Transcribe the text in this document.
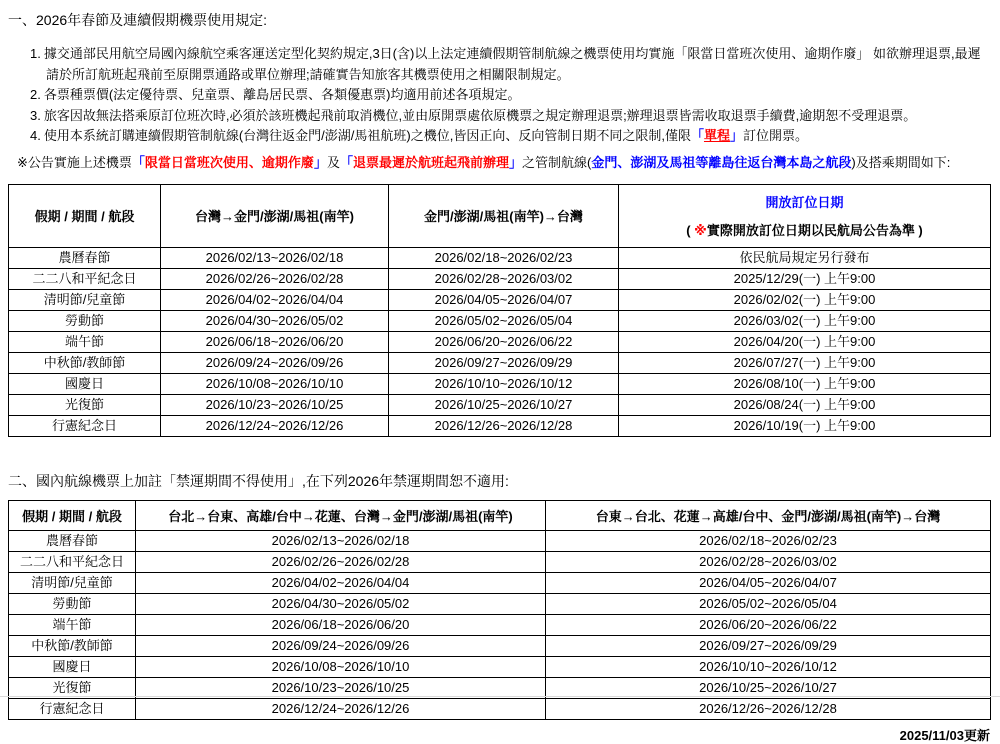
一、2026年春節及連續假期機票使用規定:
1. 據交通部民用航空局國內線航空乘客運送定型化契約規定,3日(含)以上法定連續假期管制航線之機票使用均實施「限當日當班次使用、逾期作廢」 如欲辦理退票,最遲請於所訂航班起飛前至原開票通路或單位辦理;請確實告知旅客其機票使用之相關限制規定。
2. 各票種票價(法定優待票、兒童票、離島居民票、各類優惠票)均適用前述各項規定。
3. 旅客因故無法搭乘原訂位班次時,必須於該班機起飛前取消機位,並由原開票處依原機票之規定辦理退票;辦理退票皆需收取退票手續費,逾期恕不受理退票。
4. 使用本系統訂購連續假期管制航線(台灣往返金門/澎湖/馬祖航班)之機位,皆因正向、反向管制日期不同之限制,僅限「單程」訂位開票。
※公告實施上述機票「限當日當班次使用、逾期作廢」及「退票最遲於航班起飛前辦理」之管制航線(金門、澎湖及馬祖等離島往返台灣本島之航段)及搭乘期間如下:
假期 / 期間 / 航段	台灣→金門/澎湖/馬祖(南竿)	金門/澎湖/馬祖(南竿)→台灣	開放訂位日期
( ※實際開放訂位日期以民航局公告為準 )

農曆春節	2026/02/13~2026/02/18	2026/02/18~2026/02/23	依民航局規定另行發布
二二八和平紀念日	2026/02/26~2026/02/28	2026/02/28~2026/03/02	2025/12/29(一) 上午9:00
清明節/兒童節	2026/04/02~2026/04/04	2026/04/05~2026/04/07	2026/02/02(一) 上午9:00
勞動節	2026/04/30~2026/05/02	2026/05/02~2026/05/04	2026/03/02(一) 上午9:00
端午節	2026/06/18~2026/06/20	2026/06/20~2026/06/22	2026/04/20(一) 上午9:00
中秋節/教師節	2026/09/24~2026/09/26	2026/09/27~2026/09/29	2026/07/27(一) 上午9:00
國慶日	2026/10/08~2026/10/10	2026/10/10~2026/10/12	2026/08/10(一) 上午9:00
光復節	2026/10/23~2026/10/25	2026/10/25~2026/10/27	2026/08/24(一) 上午9:00
行憲紀念日	2026/12/24~2026/12/26	2026/12/26~2026/12/28	2026/10/19(一) 上午9:00
二、國內航線機票上加註「禁運期間不得使用」,在下列2026年禁運期間恕不適用:
假期 / 期間 / 航段	台北→台東、高雄/台中→花蓮、台灣→金門/澎湖/馬祖(南竿)	台東→台北、花蓮→高雄/台中、金門/澎湖/馬祖(南竿)→台灣
農曆春節	2026/02/13~2026/02/18	2026/02/18~2026/02/23
二二八和平紀念日	2026/02/26~2026/02/28	2026/02/28~2026/03/02
清明節/兒童節	2026/04/02~2026/04/04	2026/04/05~2026/04/07
勞動節	2026/04/30~2026/05/02	2026/05/02~2026/05/04
端午節	2026/06/18~2026/06/20	2026/06/20~2026/06/22
中秋節/教師節	2026/09/24~2026/09/26	2026/09/27~2026/09/29
國慶日	2026/10/08~2026/10/10	2026/10/10~2026/10/12
光復節	2026/10/23~2026/10/25	2026/10/25~2026/10/27
行憲紀念日	2026/12/24~2026/12/26	2026/12/26~2026/12/28
2025/11/03更新
